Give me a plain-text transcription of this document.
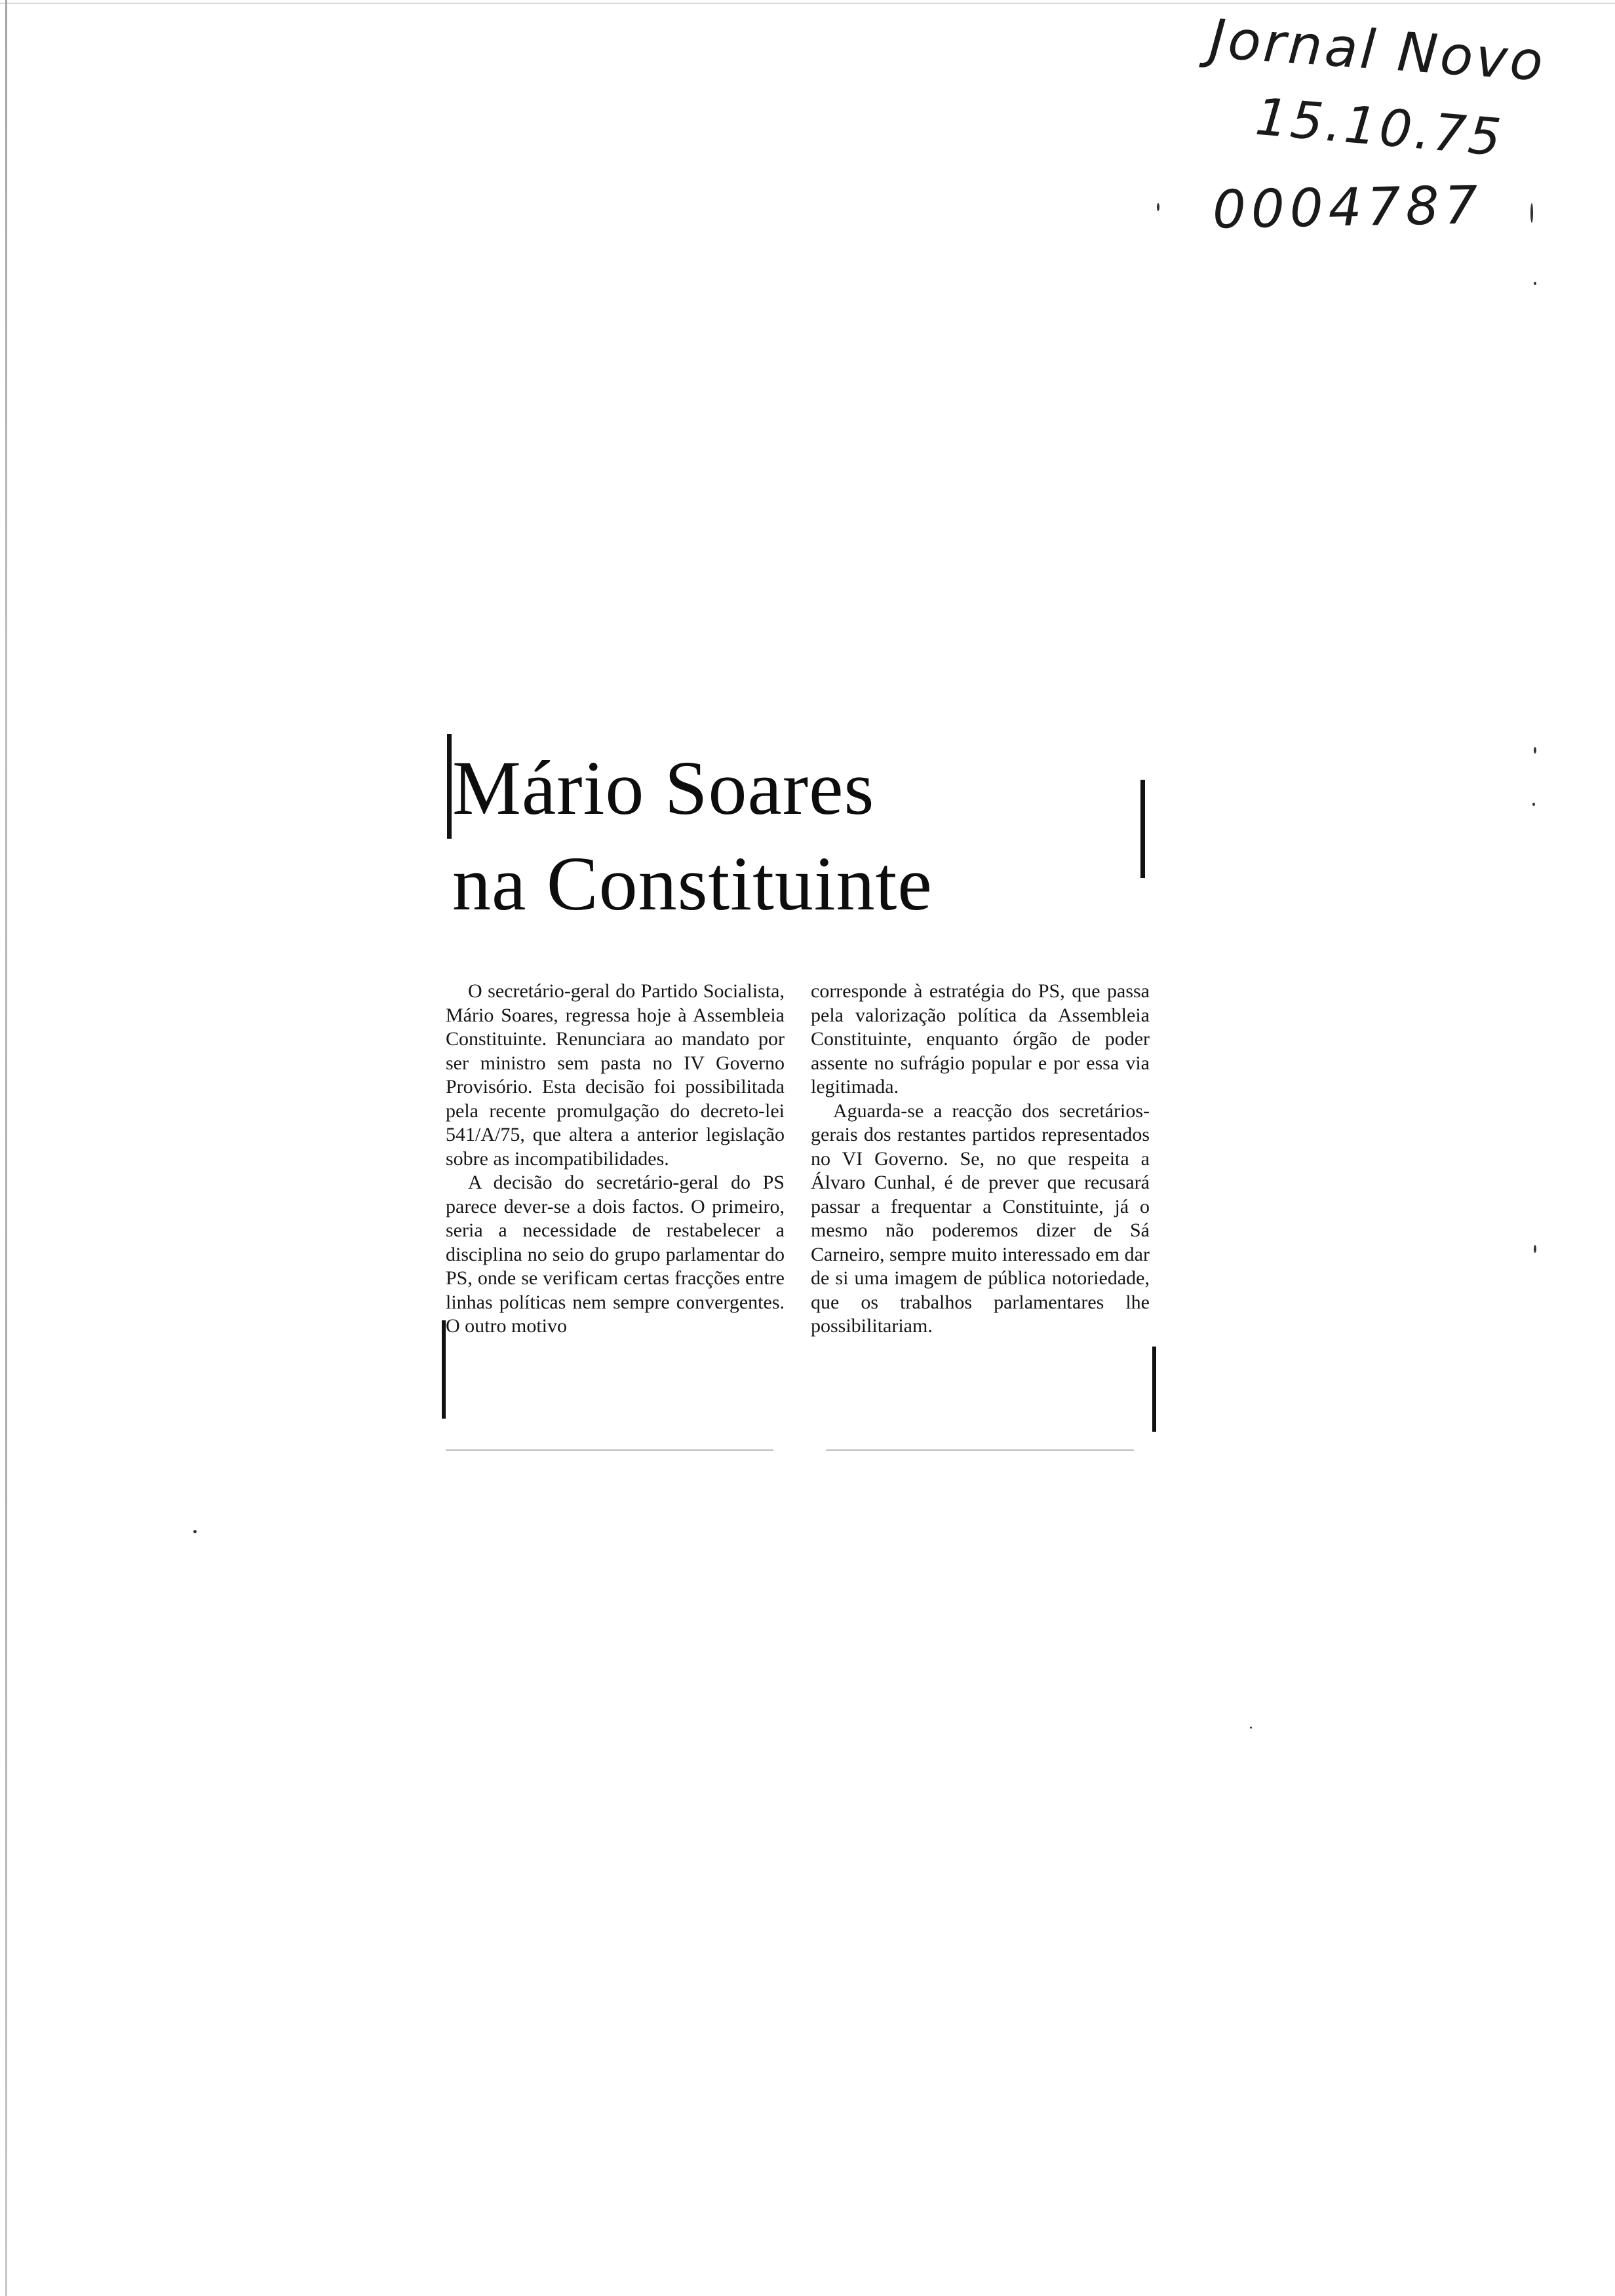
Jornal Novo
15.10.75
0004787
Mário Soares
na Constituinte

O secretário-geral do Partido Socialista, Mário Soares, regressa hoje à Assembleia Constituinte. Renunciara ao mandato por ser ministro sem pasta no IV Governo Provisório. Esta decisão foi possibilitada pela recente promulgação do decreto-lei 541/A/75, que altera a anterior legislação sobre as incompatibilidades.

A decisão do secretário-geral do PS parece dever-se a dois factos. O primeiro, seria a necessidade de restabelecer a disciplina no seio do grupo parlamentar do PS, onde se verificam certas fracções entre linhas políticas nem sempre convergentes. O outro motivo

corresponde à estratégia do PS, que passa pela valorização política da Assembleia Constituinte, enquanto órgão de poder assente no sufrágio popular e por essa via legitimada.

Aguarda-se a reacção dos secretários-gerais dos restantes partidos representados no VI Governo. Se, no que respeita a Álvaro Cunhal, é de prever que recusará passar a frequentar a Constituinte, já o mesmo não poderemos dizer de Sá Carneiro, sempre muito interessado em dar de si uma imagem de pública notoriedade, que os trabalhos parlamentares lhe possibilitariam.
